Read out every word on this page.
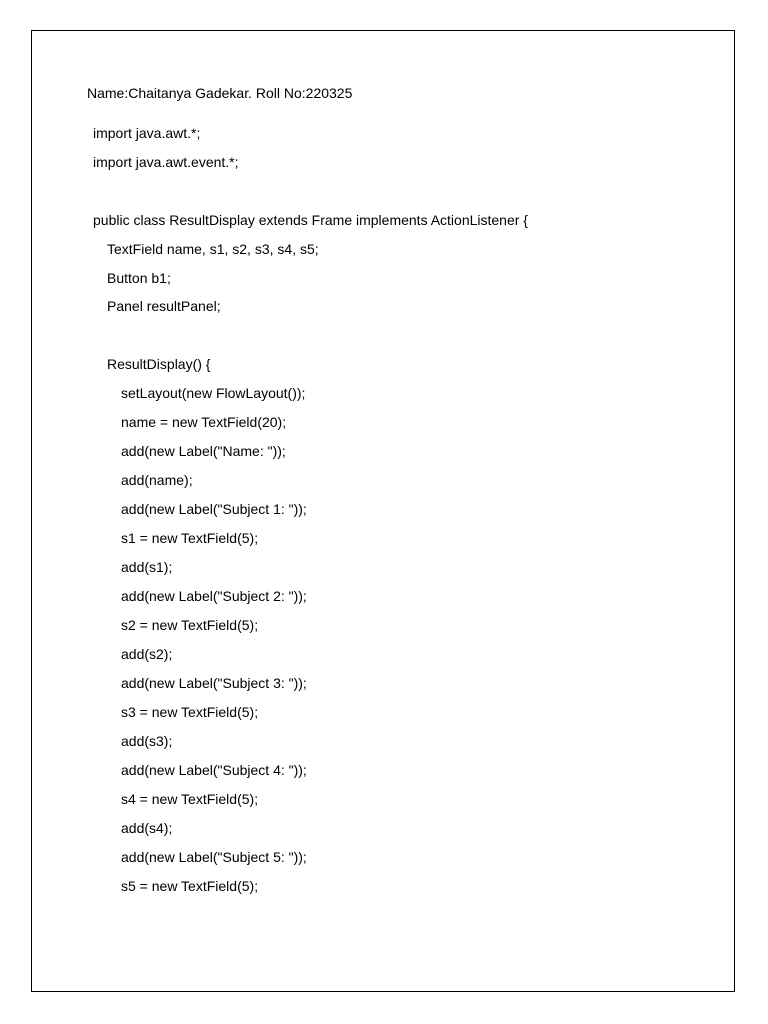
Name:Chaitanya Gadekar. Roll No:220325
import java.awt.*;
import java.awt.event.*;
public class ResultDisplay extends Frame implements ActionListener {
TextField name, s1, s2, s3, s4, s5;
Button b1;
Panel resultPanel;
ResultDisplay() {
setLayout(new FlowLayout());
name = new TextField(20);
add(new Label("Name: "));
add(name);
add(new Label("Subject 1: "));
s1 = new TextField(5);
add(s1);
add(new Label("Subject 2: "));
s2 = new TextField(5);
add(s2);
add(new Label("Subject 3: "));
s3 = new TextField(5);
add(s3);
add(new Label("Subject 4: "));
s4 = new TextField(5);
add(s4);
add(new Label("Subject 5: "));
s5 = new TextField(5);
